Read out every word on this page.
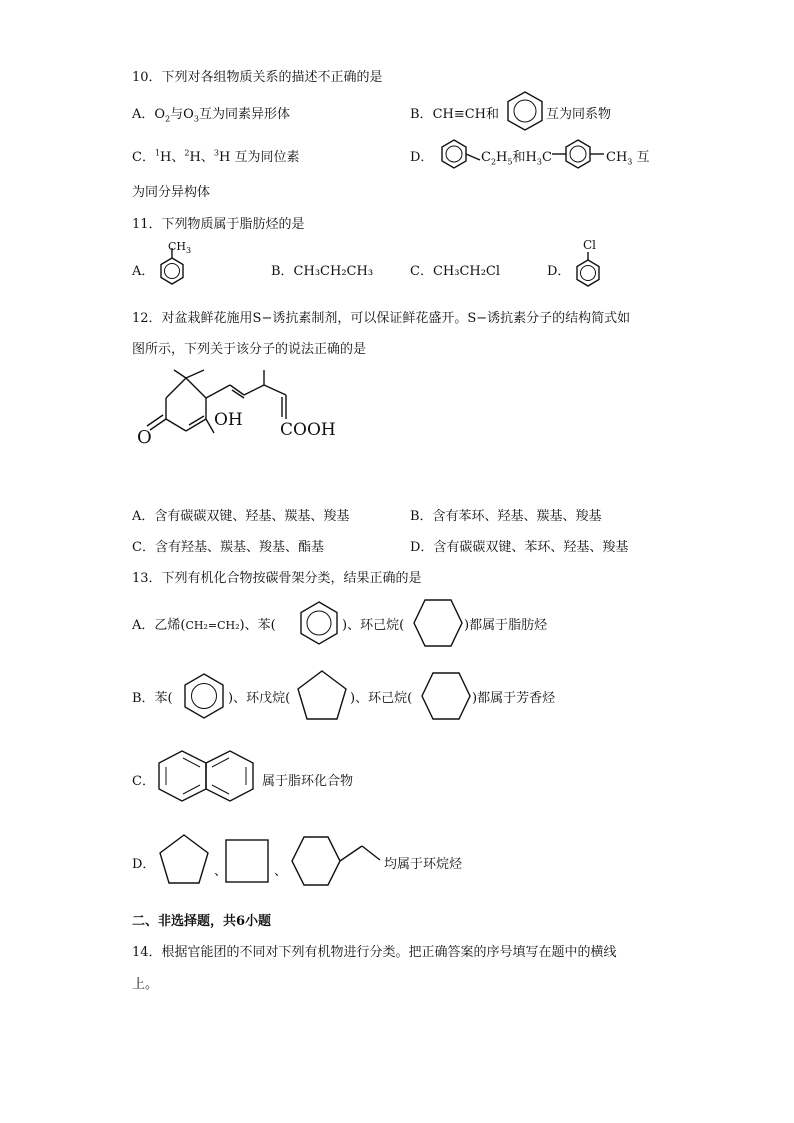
10．下列对各组物质关系的描述不正确的是
A．$O_2$与$O_3$互为同素异形体	B．CH≡CH和	互为同系物
C．$^1$H、$^2$H、$^3$H 互为同位素	D．	$C_2H_5$和$H_3C$	$CH_3$ 互
为同分异构体
11．下列物质属于脂肪烃的是
A．
$CH_3$
B．CH₃CH₂CH₃	C．CH₃CH₂Cl	D．
Cl
12．对盆栽鲜花施用S−诱抗素制剂，可以保证鲜花盛开。S−诱抗素分子的结构简式如
图所示，下列关于该分子的说法正确的是
O
OH COOH
A．含有碳碳双键、羟基、羰基、羧基	B．含有苯环、羟基、羰基、羧基
C．含有羟基、羰基、羧基、酯基	D．含有碳碳双键、苯环、羟基、羧基
13．下列有机化合物按碳骨架分类，结果正确的是
A．乙烯(CH₂=CH₂)、苯(	)、环己烷(	)都属于脂肪烃
B．苯(	)、环戊烷(	)、环己烷(	)都属于芳香烃
C．	属于脂环化合物
D．	、	、	均属于环烷烃
二、非选择题，共6小题
14．根据官能团的不同对下列有机物进行分类。把正确答案的序号填写在题中的横线
上。
